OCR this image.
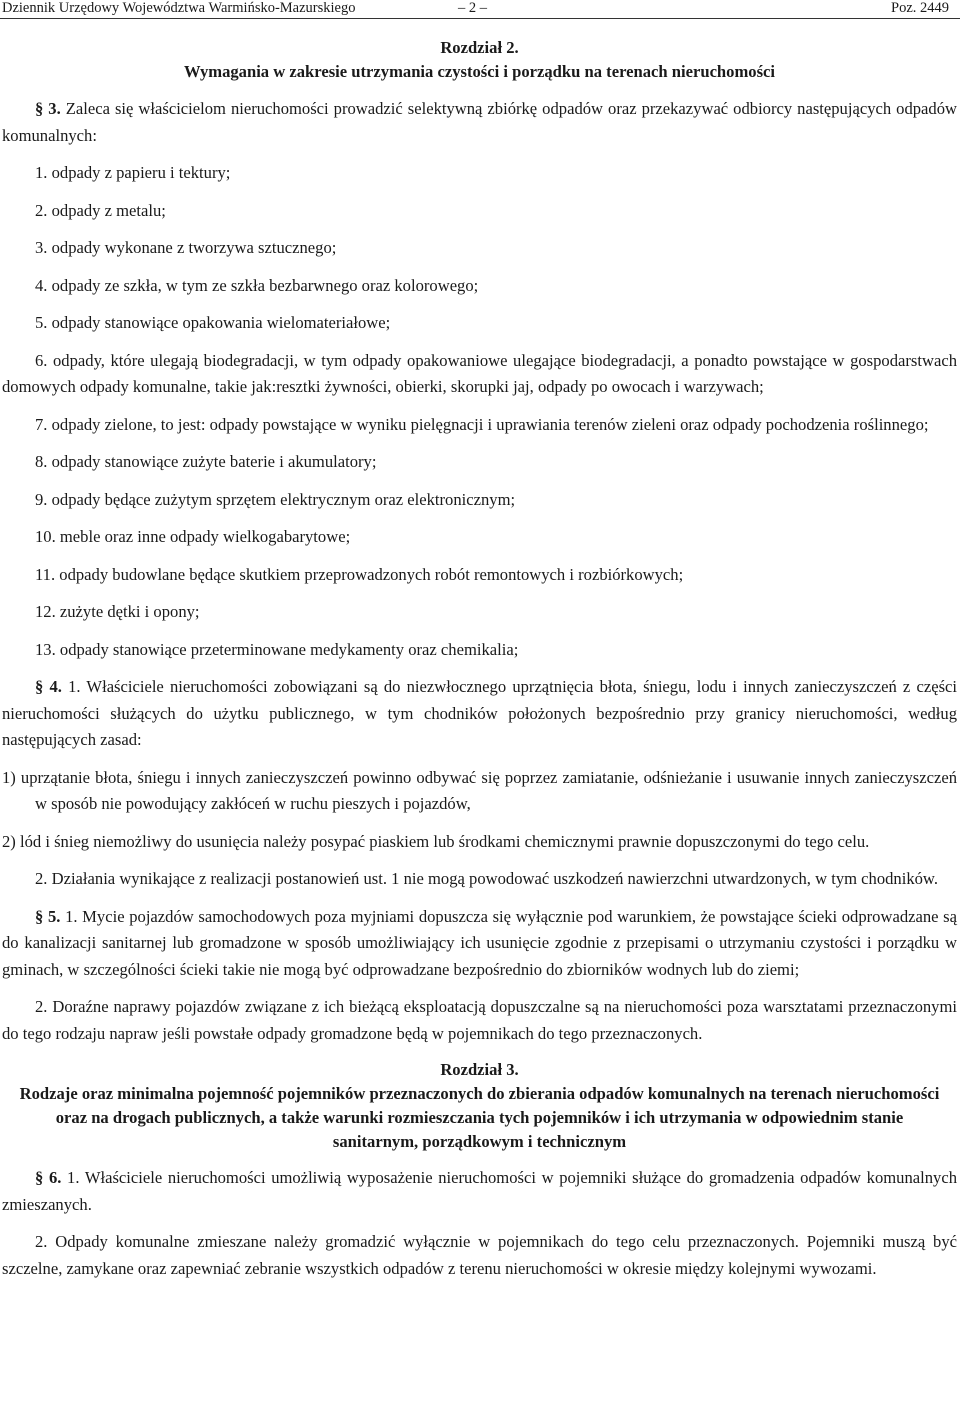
Dziennik Urzędowy Województwa Warmińsko-Mazurskiego	– 2 –	Poz. 2449

Rozdział 2.

Wymagania w zakresie utrzymania czystości i porządku na terenach nieruchomości

§ 3. Zaleca się właścicielom nieruchomości prowadzić selektywną zbiórkę odpadów oraz przekazywać odbiorcy następujących odpadów komunalnych:

1. odpady z papieru i tektury;

2. odpady z metalu;

3. odpady wykonane z tworzywa sztucznego;

4. odpady ze szkła, w tym ze szkła bezbarwnego oraz kolorowego;

5. odpady stanowiące opakowania wielomateriałowe;

6. odpady, które ulegają biodegradacji, w tym odpady opakowaniowe ulegające biodegradacji, a ponadto powstające w gospodarstwach domowych odpady komunalne, takie jak:resztki żywności, obierki, skorupki jaj, odpady po owocach i warzywach;

7. odpady zielone, to jest: odpady powstające w wyniku pielęgnacji i uprawiania terenów zieleni oraz odpady pochodzenia roślinnego;

8. odpady stanowiące zużyte baterie i akumulatory;

9. odpady będące zużytym sprzętem elektrycznym oraz elektronicznym;

10. meble oraz inne odpady wielkogabarytowe;

11. odpady budowlane będące skutkiem przeprowadzonych robót remontowych i rozbiórkowych;

12. zużyte dętki i opony;

13. odpady stanowiące przeterminowane medykamenty oraz chemikalia;

§ 4. 1. Właściciele nieruchomości zobowiązani są do niezwłocznego uprzątnięcia błota, śniegu, lodu i innych zanieczyszczeń z części nieruchomości służących do użytku publicznego, w tym chodników położonych bezpośrednio przy granicy nieruchomości, według następujących zasad:

1) uprzątanie błota, śniegu i innych zanieczyszczeń powinno odbywać się poprzez zamiatanie, odśnieżanie i usuwanie innych zanieczyszczeń w sposób nie powodujący zakłóceń w ruchu pieszych i pojazdów,

2) lód i śnieg niemożliwy do usunięcia należy posypać piaskiem lub środkami chemicznymi prawnie dopuszczonymi do tego celu.

2. Działania wynikające z realizacji postanowień ust. 1 nie mogą powodować uszkodzeń nawierzchni utwardzonych, w tym chodników.

§ 5. 1. Mycie pojazdów samochodowych poza myjniami dopuszcza się wyłącznie pod warunkiem, że powstające ścieki odprowadzane są do kanalizacji sanitarnej lub gromadzone w sposób umożliwiający ich usunięcie zgodnie z przepisami o utrzymaniu czystości i porządku w gminach, w szczególności ścieki takie nie mogą być odprowadzane bezpośrednio do zbiorników wodnych lub do ziemi;

2. Doraźne naprawy pojazdów związane z ich bieżącą eksploatacją dopuszczalne są na nieruchomości poza warsztatami przeznaczonymi do tego rodzaju napraw jeśli powstałe odpady gromadzone będą w pojemnikach do tego przeznaczonych.

Rozdział 3.

Rodzaje oraz minimalna pojemność pojemników przeznaczonych do zbierania odpadów komunalnych na terenach nieruchomości oraz na drogach publicznych, a także warunki rozmieszczania tych pojemników i ich utrzymania w odpowiednim stanie sanitarnym, porządkowym i technicznym

§ 6. 1. Właściciele nieruchomości umożliwią wyposażenie nieruchomości w pojemniki służące do gromadzenia odpadów komunalnych zmieszanych.

2. Odpady komunalne zmieszane należy gromadzić wyłącznie w pojemnikach do tego celu przeznaczonych. Pojemniki muszą być szczelne, zamykane oraz zapewniać zebranie wszystkich odpadów z terenu nieruchomości w okresie między kolejnymi wywozami.
